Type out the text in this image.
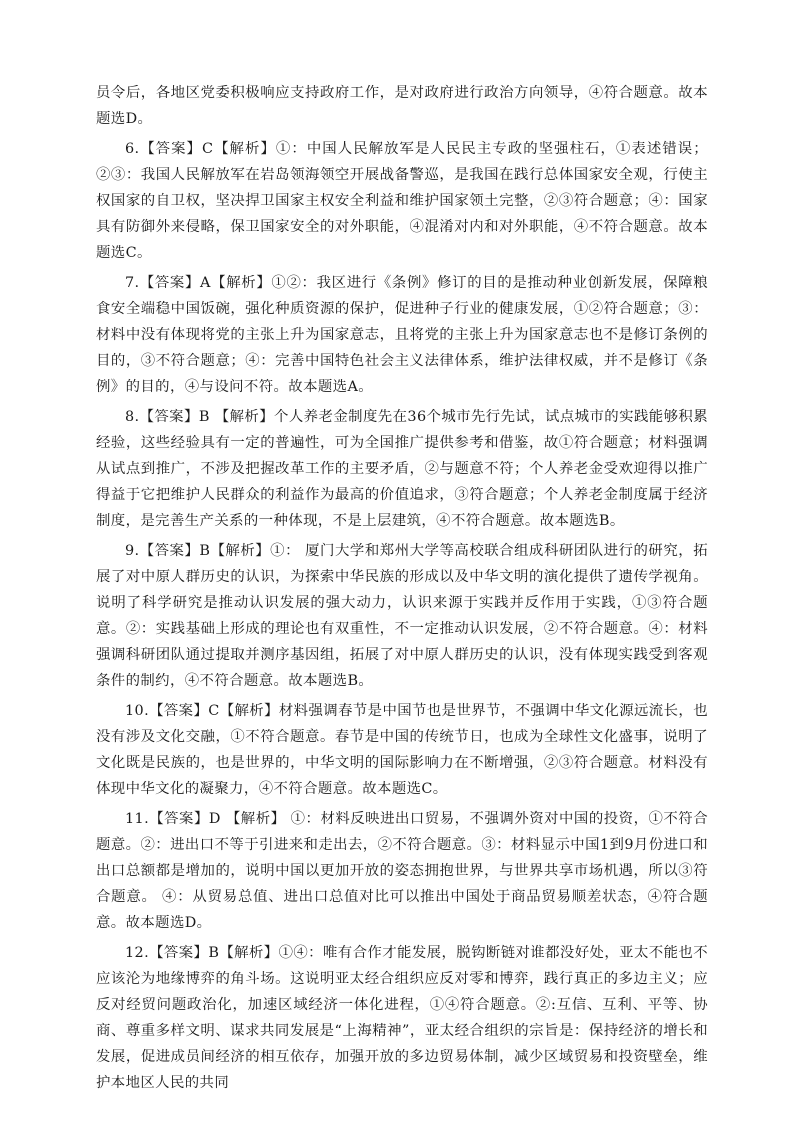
员令后，各地区党委积极响应支持政府工作，是对政府进行政治方向领导，④符合题意。故本题选D。

6.【答案】C【解析】①：中国人民解放军是人民民主专政的坚强柱石，①表述错误；②③：我国人民解放军在岩岛领海领空开展战备警巡，是我国在践行总体国家安全观，行使主权国家的自卫权，坚决捍卫国家主权安全利益和维护国家领土完整，②③符合题意；④：国家具有防御外来侵略，保卫国家安全的对外职能，④混淆对内和对外职能，④不符合题意。故本题选C。

7.【答案】A【解析】①②：我区进行《条例》修订的目的是推动种业创新发展，保障粮食安全端稳中国饭碗，强化种质资源的保护，促进种子行业的健康发展，①②符合题意；③：材料中没有体现将党的主张上升为国家意志，且将党的主张上升为国家意志也不是修订条例的目的，③不符合题意；④：完善中国特色社会主义法律体系，维护法律权威，并不是修订《条例》的目的，④与设问不符。故本题选A。

8.【答案】B 【解析】个人养老金制度先在36个城市先行先试，试点城市的实践能够积累经验，这些经验具有一定的普遍性，可为全国推广提供参考和借鉴，故①符合题意；材料强调从试点到推广，不涉及把握改革工作的主要矛盾，②与题意不符；个人养老金受欢迎得以推广得益于它把维护人民群众的利益作为最高的价值追求，③符合题意；个人养老金制度属于经济制度，是完善生产关系的一种体现，不是上层建筑，④不符合题意。故本题选B。

9.【答案】B【解析】①： 厦门大学和郑州大学等高校联合组成科研团队进行的研究，拓展了对中原人群历史的认识，为探索中华民族的形成以及中华文明的演化提供了遗传学视角。说明了科学研究是推动认识发展的强大动力，认识来源于实践并反作用于实践，①③符合题意。②：实践基础上形成的理论也有双重性，不一定推动认识发展，②不符合题意。④：材料强调科研团队通过提取并测序基因组，拓展了对中原人群历史的认识，没有体现实践受到客观条件的制约，④不符合题意。故本题选B。

10.【答案】C【解析】材料强调春节是中国节也是世界节，不强调中华文化源远流长，也没有涉及文化交融，①不符合题意。春节是中国的传统节日，也成为全球性文化盛事，说明了文化既是民族的，也是世界的，中华文明的国际影响力在不断增强，②③符合题意。材料没有体现中华文化的凝聚力，④不符合题意。故本题选C。

11.【答案】D 【解析】 ①：材料反映进出口贸易，不强调外资对中国的投资，①不符合题意。②：进出口不等于引进来和走出去，②不符合题意。③：材料显示中国1到9月份进口和出口总额都是增加的，说明中国以更加开放的姿态拥抱世界，与世界共享市场机遇，所以③符合题意。 ④：从贸易总值、进出口总值对比可以推出中国处于商品贸易顺差状态，④符合题意。故本题选D。

12.【答案】B【解析】①④：唯有合作才能发展，脱钩断链对谁都没好处，亚太不能也不应该沦为地缘博弈的角斗场。这说明亚太经合组织应反对零和博弈，践行真正的多边主义；应反对经贸问题政治化，加速区域经济一体化进程，①④符合题意。②:互信、互利、平等、协商、尊重多样文明、谋求共同发展是“上海精神”，亚太经合组织的宗旨是：保持经济的增长和发展，促进成员间经济的相互依存，加强开放的多边贸易体制，减少区域贸易和投资壁垒，维护本地区人民的共同
